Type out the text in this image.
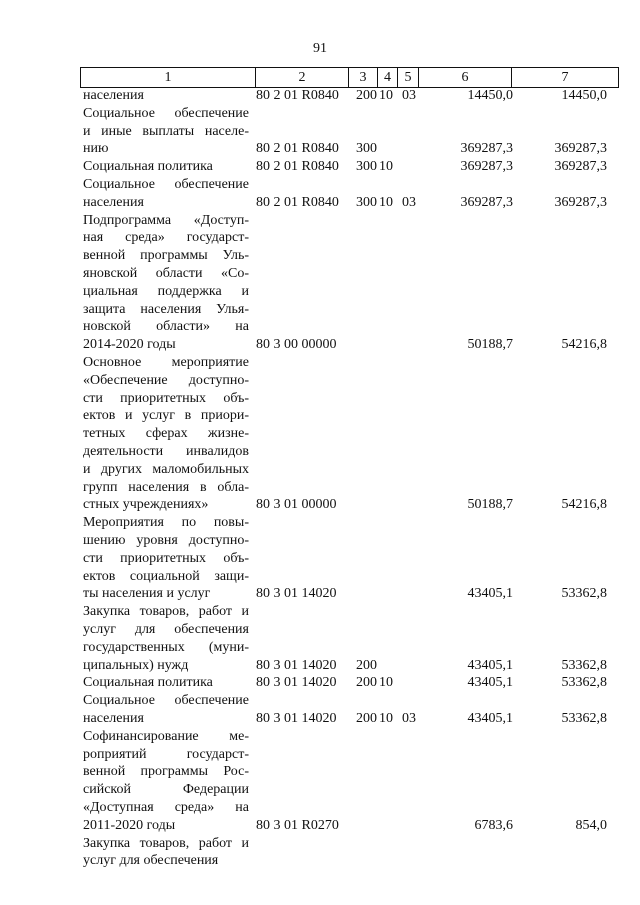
91
1	2	3	4 5	6	7
населения	80 2 01 R0840 200 10 03	14450,0	14450,0
Социальное обеспечение
и иные выплаты населе-
нию	80 2 01 R0840 300	369287,3	369287,3
Социальная политика	80 2 01 R0840 300 10	369287,3	369287,3
Социальное обеспечение
населения	80 2 01 R0840 300 10 03	369287,3	369287,3
Подпрограмма «Доступ-
ная среда» государст-
венной программы Уль-
яновской области «Со-
циальная поддержка и
защита населения Улья-
новской области» на
2014-2020 годы	80 3 00 00000	50188,7	54216,8
Основное мероприятие
«Обеспечение доступно-
сти приоритетных объ-
ектов и услуг в приори-
тетных сферах жизне-
деятельности инвалидов
и других маломобильных
групп населения в обла-
стных учреждениях»	80 3 01 00000	50188,7	54216,8
Мероприятия по повы-
шению уровня доступно-
сти приоритетных объ-
ектов социальной защи-
ты населения и услуг	80 3 01 14020	43405,1	53362,8
Закупка товаров, работ и
услуг для обеспечения
государственных (муни-
ципальных) нужд	80 3 01 14020 200	43405,1	53362,8
Социальная политика	80 3 01 14020 200 10	43405,1	53362,8
Социальное обеспечение
населения	80 3 01 14020 200 10 03	43405,1	53362,8
Софинансирование ме-
роприятий государст-
венной программы Рос-
сийской Федерации
«Доступная среда» на
2011-2020 годы	80 3 01 R0270	6783,6	854,0
Закупка товаров, работ и
услуг для обеспечения
